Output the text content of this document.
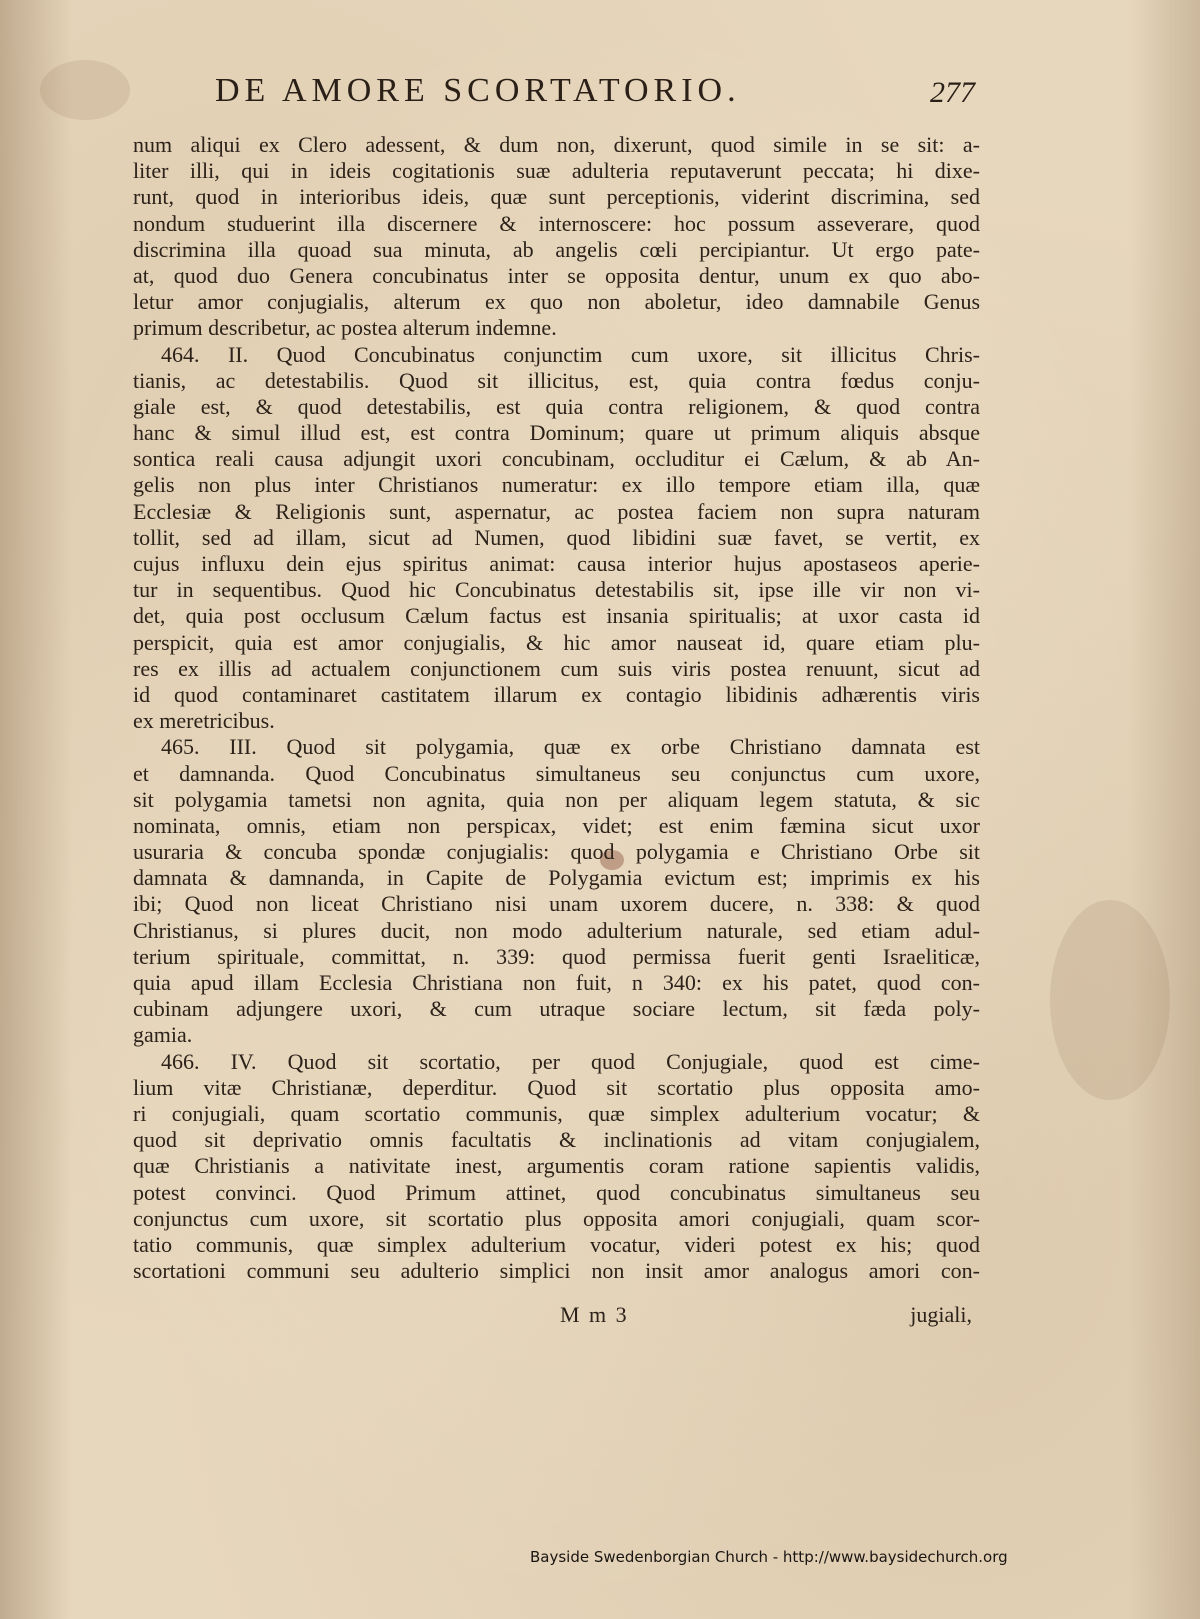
DE AMORE SCORTATORIO.	277
num aliqui ex Clero adessent, & dum non, dixerunt, quod simile in se sit: a-
liter illi, qui in ideis cogitationis suæ adulteria reputaverunt peccata; hi dixe-
runt, quod in interioribus ideis, quæ sunt perceptionis, viderint discrimina, sed
nondum studuerint illa discernere & internoscere: hoc possum asseverare, quod
discrimina illa quoad sua minuta, ab angelis cœli percipiantur. Ut ergo pate-
at, quod duo Genera concubinatus inter se opposita dentur, unum ex quo abo-
letur amor conjugialis, alterum ex quo non aboletur, ideo damnabile Genus
primum describetur, ac postea alterum indemne.
464. II. Quod Concubinatus conjunctim cum uxore, sit illicitus Chris-
tianis, ac detestabilis. Quod sit illicitus, est, quia contra fœdus conju-
giale est, & quod detestabilis, est quia contra religionem, & quod contra
hanc & simul illud est, est contra Dominum; quare ut primum aliquis absque
sontica reali causa adjungit uxori concubinam, occluditur ei Cælum, & ab An-
gelis non plus inter Christianos numeratur: ex illo tempore etiam illa, quæ
Ecclesiæ & Religionis sunt, aspernatur, ac postea faciem non supra naturam
tollit, sed ad illam, sicut ad Numen, quod libidini suæ favet, se vertit, ex
cujus influxu dein ejus spiritus animat: causa interior hujus apostaseos aperie-
tur in sequentibus. Quod hic Concubinatus detestabilis sit, ipse ille vir non vi-
det, quia post occlusum Cælum factus est insania spiritualis; at uxor casta id
perspicit, quia est amor conjugialis, & hic amor nauseat id, quare etiam plu-
res ex illis ad actualem conjunctionem cum suis viris postea renuunt, sicut ad
id quod contaminaret castitatem illarum ex contagio libidinis adhærentis viris
ex meretricibus.
465. III. Quod sit polygamia, quæ ex orbe Christiano damnata est
et damnanda. Quod Concubinatus simultaneus seu conjunctus cum uxore,
sit polygamia tametsi non agnita, quia non per aliquam legem statuta, & sic
nominata, omnis, etiam non perspicax, videt; est enim fæmina sicut uxor
usuraria & concuba spondæ conjugialis: quod polygamia e Christiano Orbe sit
damnata & damnanda, in Capite de Polygamia evictum est; imprimis ex his
ibi; Quod non liceat Christiano nisi unam uxorem ducere, n. 338: & quod
Christianus, si plures ducit, non modo adulterium naturale, sed etiam adul-
terium spirituale, committat, n. 339: quod permissa fuerit genti Israeliticæ,
quia apud illam Ecclesia Christiana non fuit, n 340: ex his patet, quod con-
cubinam adjungere uxori, & cum utraque sociare lectum, sit fæda poly-
gamia.
466. IV. Quod sit scortatio, per quod Conjugiale, quod est cime-
lium vitæ Christianæ, deperditur. Quod sit scortatio plus opposita amo-
ri conjugiali, quam scortatio communis, quæ simplex adulterium vocatur; &
quod sit deprivatio omnis facultatis & inclinationis ad vitam conjugialem,
quæ Christianis a nativitate inest, argumentis coram ratione sapientis validis,
potest convinci. Quod Primum attinet, quod concubinatus simultaneus seu
conjunctus cum uxore, sit scortatio plus opposita amori conjugiali, quam scor-
tatio communis, quæ simplex adulterium vocatur, videri potest ex his; quod
scortationi communi seu adulterio simplici non insit amor analogus amori con-
M m 3	jugiali,
Bayside Swedenborgian Church - http://www.baysidechurch.org
